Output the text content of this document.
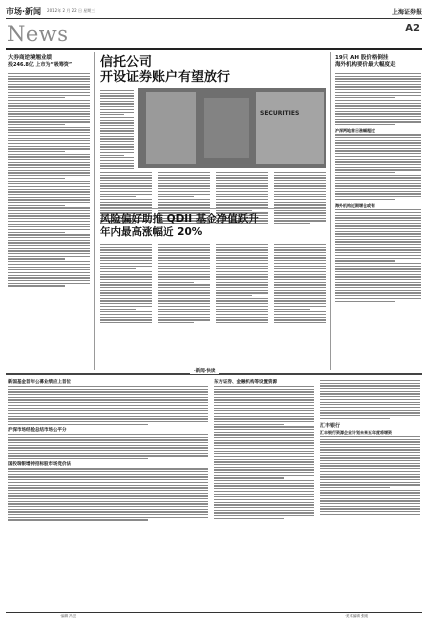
市场·新闻 2012年 2 月 22 日 星期三	上海证券报
News	A2
大券商逆境翘业绩
投246.8亿 上市为“吸筹资”	信托公司
开设证券账户有望放行
SECURITIES
风险偏好助推 QDII 基金净值跃升
年内最高涨幅近 20%
19只 AH 股价格倒挂
海外机构要价最大幅度走
沪深两地首日涨幅超过
海外机构近期增仓或有
·新闻·快读
新国基金首年公募业绩应上首位
沪深市场经验总结市场公平分
国投瑞银增持招标股市场竞价法
东方证券、金融机构等设置资源
汇丰银行
汇丰银行资源企业计划未来五年度将增资
·编辑 冯芸	·美术编辑 张刚
